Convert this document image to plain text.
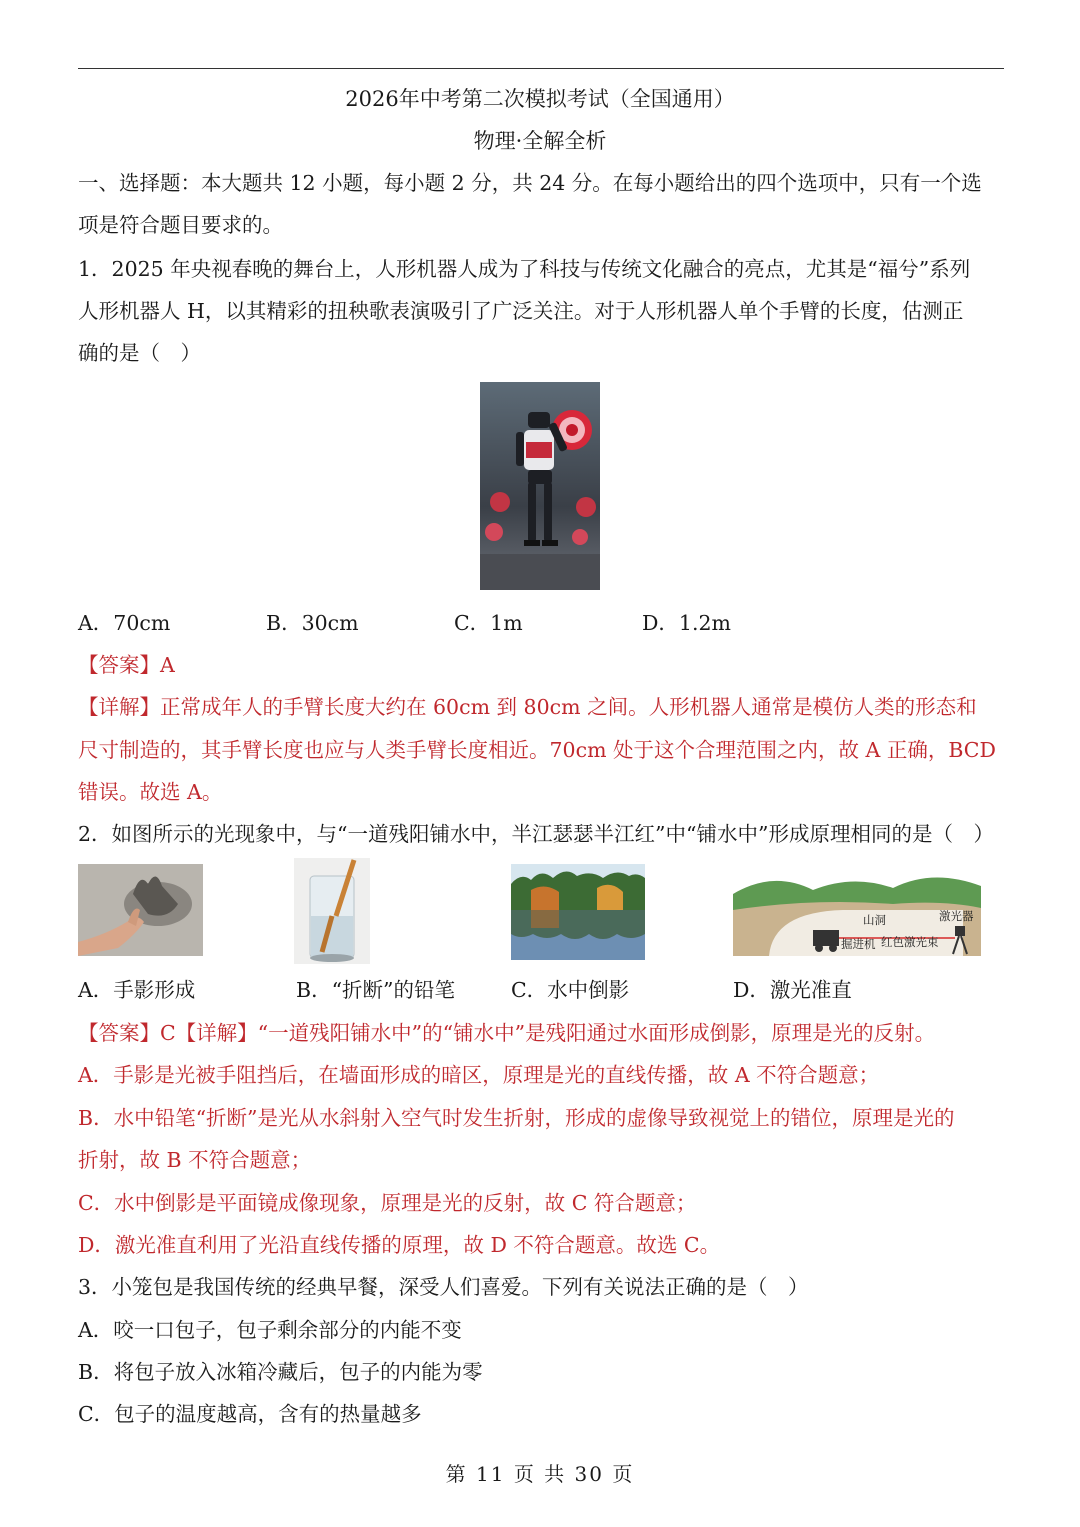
2026年中考第二次模拟考试（全国通用）
物理·全解全析
一、选择题：本大题共 12 小题，每小题 2 分，共 24 分。在每小题给出的四个选项中，只有一个选
项是符合题目要求的。
1．2025 年央视春晚的舞台上，人形机器人成为了科技与传统文化融合的亮点，尤其是“福兮”系列
人形机器人 H，以其精彩的扭秧歌表演吸引了广泛关注。对于人形机器人单个手臂的长度，估测正
确的是（　）
A．70cm	B．30cm	C．1m	D．1.2m
【答案】A
【详解】正常成年人的手臂长度大约在 60cm 到 80cm 之间。人形机器人通常是模仿人类的形态和
尺寸制造的，其手臂长度也应与人类手臂长度相近。70cm 处于这个合理范围之内，故 A 正确，BCD
错误。故选 A。
2．如图所示的光现象中，与“一道残阳铺水中，半江瑟瑟半江红”中“铺水中”形成原理相同的是（　）
山洞	激光器
掘进机 红色激光束
A．手影形成	B．“折断”的铅笔	C．水中倒影	D．激光准直
【答案】C【详解】“一道残阳铺水中”的“铺水中”是残阳通过水面形成倒影，原理是光的反射。
A．手影是光被手阻挡后，在墙面形成的暗区，原理是光的直线传播，故 A 不符合题意；
B．水中铅笔“折断”是光从水斜射入空气时发生折射，形成的虚像导致视觉上的错位，原理是光的
折射，故 B 不符合题意；
C．水中倒影是平面镜成像现象，原理是光的反射，故 C 符合题意；
D．激光准直利用了光沿直线传播的原理，故 D 不符合题意。故选 C。
3．小笼包是我国传统的经典早餐，深受人们喜爱。下列有关说法正确的是（　）
A．咬一口包子，包子剩余部分的内能不变
B．将包子放入冰箱冷藏后，包子的内能为零
C．包子的温度越高，含有的热量越多
第 11 页 共 30 页
